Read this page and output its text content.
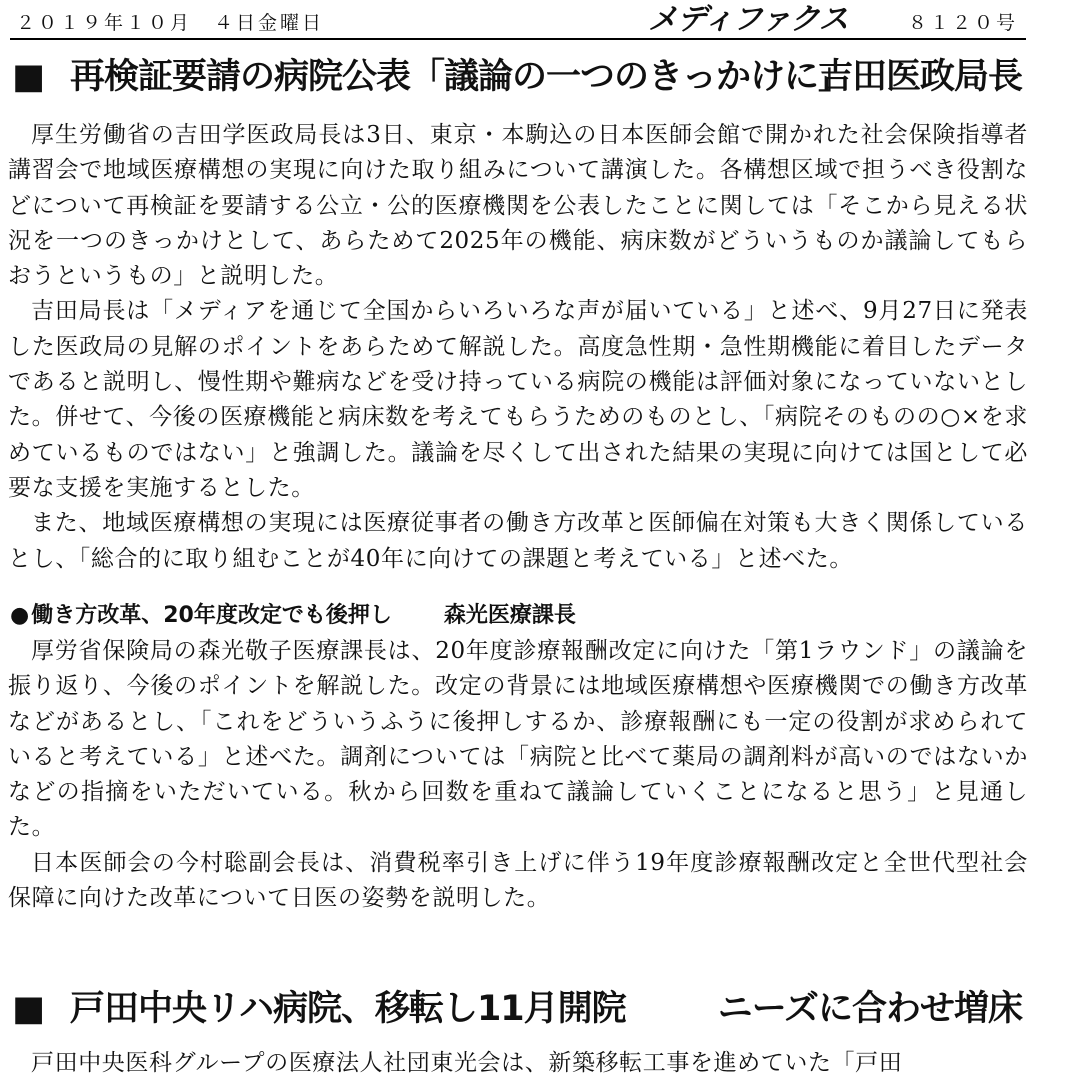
２０１９年１０月　４日金曜日	メディファクス	８１２０号
■ 再検証要請の病院公表「議論の一つのきっかけに」
吉田医政局長

厚生労働省の吉田学医政局長は3日、東京・本駒込の日本医師会館で開かれた社会保険指導者講習会で地域医療構想の実現に向けた取り組みについて講演した。各構想区域で担うべき役割などについて再検証を要請する公立・公的医療機関を公表したことに関しては「そこから見える状況を一つのきっかけとして、あらためて2025年の機能、病床数がどういうものか議論してもらおうというもの」と説明した。

吉田局長は「メディアを通じて全国からいろいろな声が届いている」と述べ、9月27日に発表した医政局の見解のポイントをあらためて解説した。高度急性期・急性期機能に着目したデータであると説明し、慢性期や難病などを受け持っている病院の機能は評価対象になっていないとした。併せて、今後の医療機能と病床数を考えてもらうためのものとし、「病院そのものの○×を求めているものではない」と強調した。議論を尽くして出された結果の実現に向けては国として必要な支援を実施するとした。

また、地域医療構想の実現には医療従事者の働き方改革と医師偏在対策も大きく関係しているとし、「総合的に取り組むことが40年に向けての課題と考えている」と述べた。

●働き方改革、20年度改定でも後押し 森光医療課長

厚労省保険局の森光敬子医療課長は、20年度診療報酬改定に向けた「第1ラウンド」の議論を振り返り、今後のポイントを解説した。改定の背景には地域医療構想や医療機関での働き方改革などがあるとし、「これをどういうふうに後押しするか、診療報酬にも一定の役割が求められていると考えている」と述べた。調剤については「病院と比べて薬局の調剤料が高いのではないかなどの指摘をいただいている。秋から回数を重ねて議論していくことになると思う」と見通した。

日本医師会の今村聡副会長は、消費税率引き上げに伴う19年度診療報酬改定と全世代型社会保障に向けた改革について日医の姿勢を説明した。

■ 戸田中央リハ病院、移転し11月開院	ニーズに合わせ増床

戸田中央医科グループの医療法人社団東光会は、新築移転工事を進めていた「戸田
